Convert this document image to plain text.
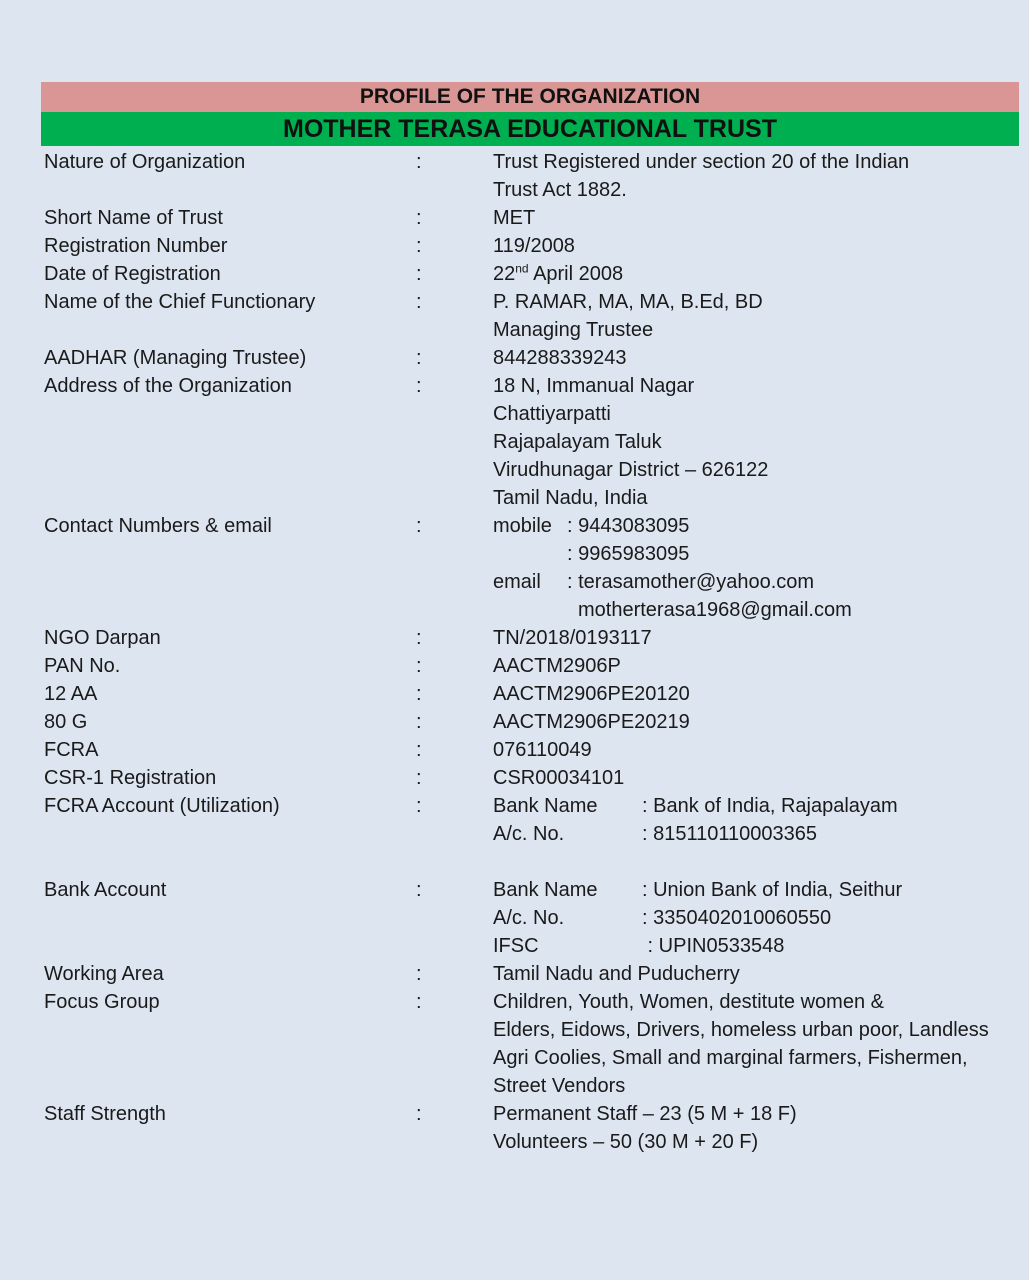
PROFILE OF THE ORGANIZATION
MOTHER TERASA EDUCATIONAL TRUST
Nature of Organization	:	Trust Registered under section 20 of the Indian
Trust Act 1882.
Short Name of Trust	:	MET
Registration Number	:	119/2008
Date of Registration	:	22nd April 2008
Name of the Chief Functionary	:	P. RAMAR, MA, MA, B.Ed, BD
Managing Trustee
AADHAR (Managing Trustee)	:	844288339243
Address of the Organization	:	18 N, Immanual Nagar
Chattiyarpatti
Rajapalayam Taluk
Virudhunagar District – 626122
Tamil Nadu, India
Contact Numbers & email	:	mobile : 9443083095
: 9965983095
email	: terasamother@yahoo.com
motherterasa1968@gmail.com
NGO Darpan	:	TN/2018/0193117
PAN No.	:	AACTM2906P
12 AA	:	AACTM2906PE20120
80 G	:	AACTM2906PE20219
FCRA	:	076110049
CSR-1 Registration	:	CSR00034101
FCRA Account (Utilization)	:	Bank Name	: Bank of India, Rajapalayam
A/c. No.	: 815110110003365
Bank Account	:	Bank Name	: Union Bank of India, Seithur
A/c. No.	: 3350402010060550
IFSC	: UPIN0533548
Working Area	:	Tamil Nadu and Puducherry
Focus Group	:	Children, Youth, Women, destitute women &
Elders, Eidows, Drivers, homeless urban poor, Landless
Agri Coolies, Small and marginal farmers, Fishermen,
Street Vendors
Staff Strength	:	Permanent Staff – 23 (5 M + 18 F)
Volunteers – 50 (30 M + 20 F)
